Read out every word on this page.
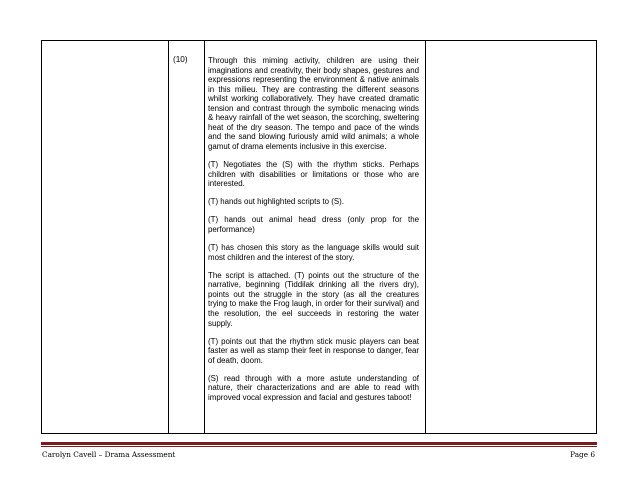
(10)	Through this miming activity, children are using their imaginations and creativity, their body shapes, gestures and expressions representing the environment & native animals in this milieu. They are contrasting the different seasons whilst working collaboratively. They have created dramatic tension and contrast through the symbolic menacing winds & heavy rainfall of the wet season, the scorching, sweltering heat of the dry season. The tempo and pace of the winds and the sand blowing furiously amid wild animals; a whole gamut of drama elements inclusive in this exercise.

(T) Negotiates the (S) with the rhythm sticks. Perhaps children with disabilities or limitations or those who are interested.

(T) hands out highlighted scripts to (S).

(T) hands out animal head dress (only prop for the performance)

(T) has chosen this story as the language skills would suit most children and the interest of the story.

The script is attached. (T) points out the structure of the narrative, beginning (Tiddilak drinking all the rivers dry), points out the struggle in the story (as all the creatures trying to make the Frog laugh, in order for their survival) and the resolution, the eel succeeds in restoring the water supply.

(T) points out that the rhythm stick music players can beat faster as well as stamp their feet in response to danger, fear of death, doom.

(S) read through with a more astute understanding of nature, their characterizations and are able to read with improved vocal expression and facial and gestures taboot!

Carolyn Cavell – Drama Assessment	Page 6
